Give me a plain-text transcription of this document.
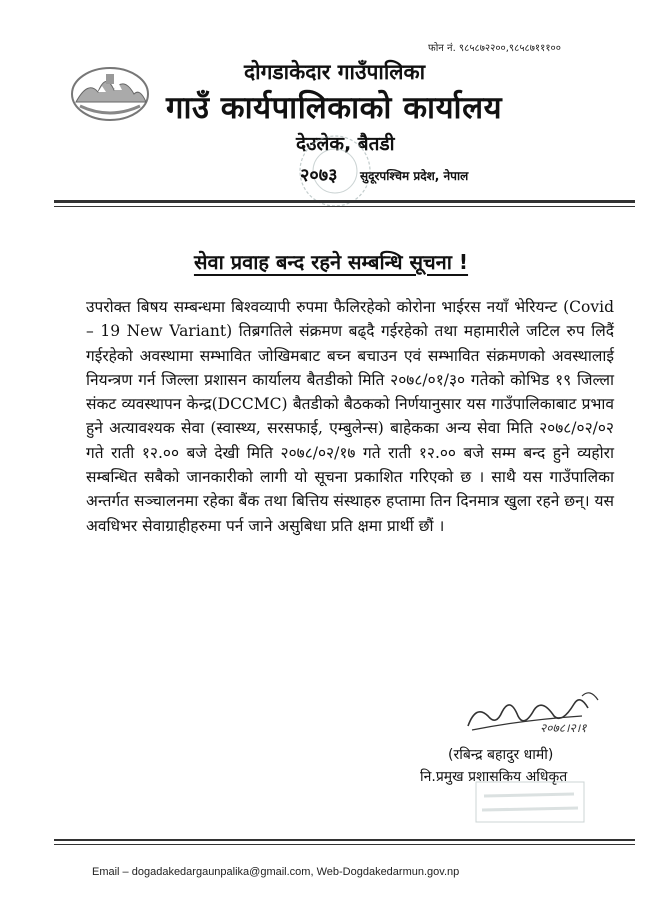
फोन नं. ९८५८७२२००,९८५८७१११००
दोगडाकेदार गाउँपालिका
गाउँ कार्यपालिकाको कार्यालय
देउलेक, बैतडी
२०७३ सुदूरपश्चिम प्रदेश, नेपाल
सेवा प्रवाह बन्द रहने सम्बन्धि सूचना !

उपरोक्त बिषय सम्बन्धमा बिश्वव्यापी रुपमा फैलिरहेको कोरोना भाईरस नयाँ भेरियन्ट (Covid – 19 New Variant) तिब्रगतिले संक्रमण बढ्दै गईरहेको तथा महामारीले जटिल रुप लिदैं गईरहेको अवस्थामा सम्भावित जोखिमबाट बच्न बचाउन एवं सम्भावित संक्रमणको अवस्थालाई नियन्त्रण गर्न जिल्ला प्रशासन कार्यालय बैतडीको मिति २०७८/०१/३० गतेको कोभिड १९ जिल्ला संकट व्यवस्थापन केन्द्र(DCCMC) बैतडीको बैठकको निर्णयानुसार यस गाउँपालिकाबाट प्रभाव हुने अत्यावश्यक सेवा (स्वास्थ्य, सरसफाई, एम्बुलेन्स) बाहेकका अन्य सेवा मिति २०७८/०२/०२ गते राती १२.०० बजे देखी मिति २०७८/०२/१७ गते राती १२.०० बजे सम्म बन्द हुने व्यहोरा सम्बन्धित सबैको जानकारीको लागी यो सूचना प्रकाशित गरिएको छ । साथै यस गाउँपालिका अन्तर्गत सञ्चालनमा रहेका बैंक तथा बित्तिय संस्थाहरु हप्तामा तिन दिनमात्र खुला रहने छन्। यस अवधिभर सेवाग्राहीहरुमा पर्न जाने असुबिधा प्रति क्षमा प्रार्थी छौं ।

२०७८।२।१
(रबिन्द्र बहादुर धामी)
नि.प्रमुख प्रशासकिय अधिकृत
Email – dogadakedargaunpalika@gmail.com, Web-Dogdakedarmun.gov.np
